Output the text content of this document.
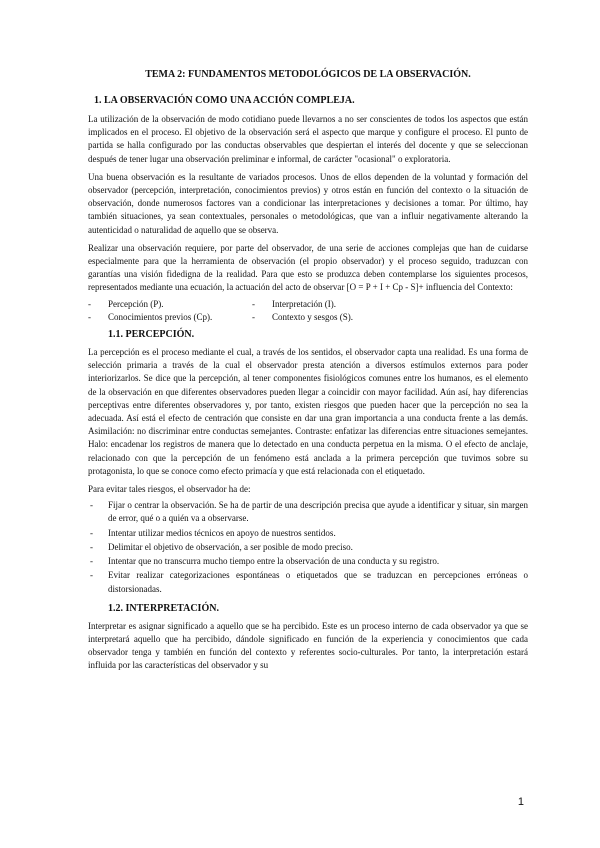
TEMA 2: FUNDAMENTOS METODOLÓGICOS DE LA OBSERVACIÓN.

1. LA OBSERVACIÓN COMO UNA ACCIÓN COMPLEJA.

La utilización de la observación de modo cotidiano puede llevarnos a no ser conscientes de todos los aspectos que están implicados en el proceso. El objetivo de la observación será el aspecto que marque y configure el proceso. El punto de partida se halla configurado por las conductas observables que despiertan el interés del docente y que se seleccionan después de tener lugar una observación preliminar e informal, de carácter "ocasional" o exploratoria.

Una buena observación es la resultante de variados procesos. Unos de ellos dependen de la voluntad y formación del observador (percepción, interpretación, conocimientos previos) y otros están en función del contexto o la situación de observación, donde numerosos factores van a condicionar las interpretaciones y decisiones a tomar. Por último, hay también situaciones, ya sean contextuales, personales o metodológicas, que van a influir negativamente alterando la autenticidad o naturalidad de aquello que se observa.

Realizar una observación requiere, por parte del observador, de una serie de acciones complejas que han de cuidarse especialmente para que la herramienta de observación (el propio observador) y el proceso seguido, traduzcan con garantías una visión fidedigna de la realidad. Para que esto se produzca deben contemplarse los siguientes procesos, representados mediante una ecuación, la actuación del acto de observar [O = P + I + Cp - S]+ influencia del Contexto:

- Percepción (P).
- Conocimientos previos (Cp).
- Interpretación (I).
- Contexto y sesgos (S).

1.1. PERCEPCIÓN.

La percepción es el proceso mediante el cual, a través de los sentidos, el observador capta una realidad. Es una forma de selección primaria a través de la cual el observador presta atención a diversos estímulos externos para poder interiorizarlos. Se dice que la percepción, al tener componentes fisiológicos comunes entre los humanos, es el elemento de la observación en que diferentes observadores pueden llegar a coincidir con mayor facilidad. Aún así, hay diferencias perceptivas entre diferentes observadores y, por tanto, existen riesgos que pueden hacer que la percepción no sea la adecuada. Así está el efecto de centración que consiste en dar una gran importancia a una conducta frente a las demás. Asimilación: no discriminar entre conductas semejantes. Contraste: enfatizar las diferencias entre situaciones semejantes. Halo: encadenar los registros de manera que lo detectado en una conducta perpetua en la misma. O el efecto de anclaje, relacionado con que la percepción de un fenómeno está anclada a la primera percepción que tuvimos sobre su protagonista, lo que se conoce como efecto primacía y que está relacionada con el etiquetado.

Para evitar tales riesgos, el observador ha de:

- Fijar o centrar la observación. Se ha de partir de una descripción precisa que ayude a identificar y situar, sin margen de error, qué o a quién va a observarse.
- Intentar utilizar medios técnicos en apoyo de nuestros sentidos.
- Delimitar el objetivo de observación, a ser posible de modo preciso.
- Intentar que no transcurra mucho tiempo entre la observación de una conducta y su registro.
- Evitar realizar categorizaciones espontáneas o etiquetados que se traduzcan en percepciones erróneas o distorsionadas.

1.2. INTERPRETACIÓN.

Interpretar es asignar significado a aquello que se ha percibido. Este es un proceso interno de cada observador ya que se interpretará aquello que ha percibido, dándole significado en función de la experiencia y conocimientos que cada observador tenga y también en función del contexto y referentes socio-culturales. Por tanto, la interpretación estará influida por las características del observador y su

1
